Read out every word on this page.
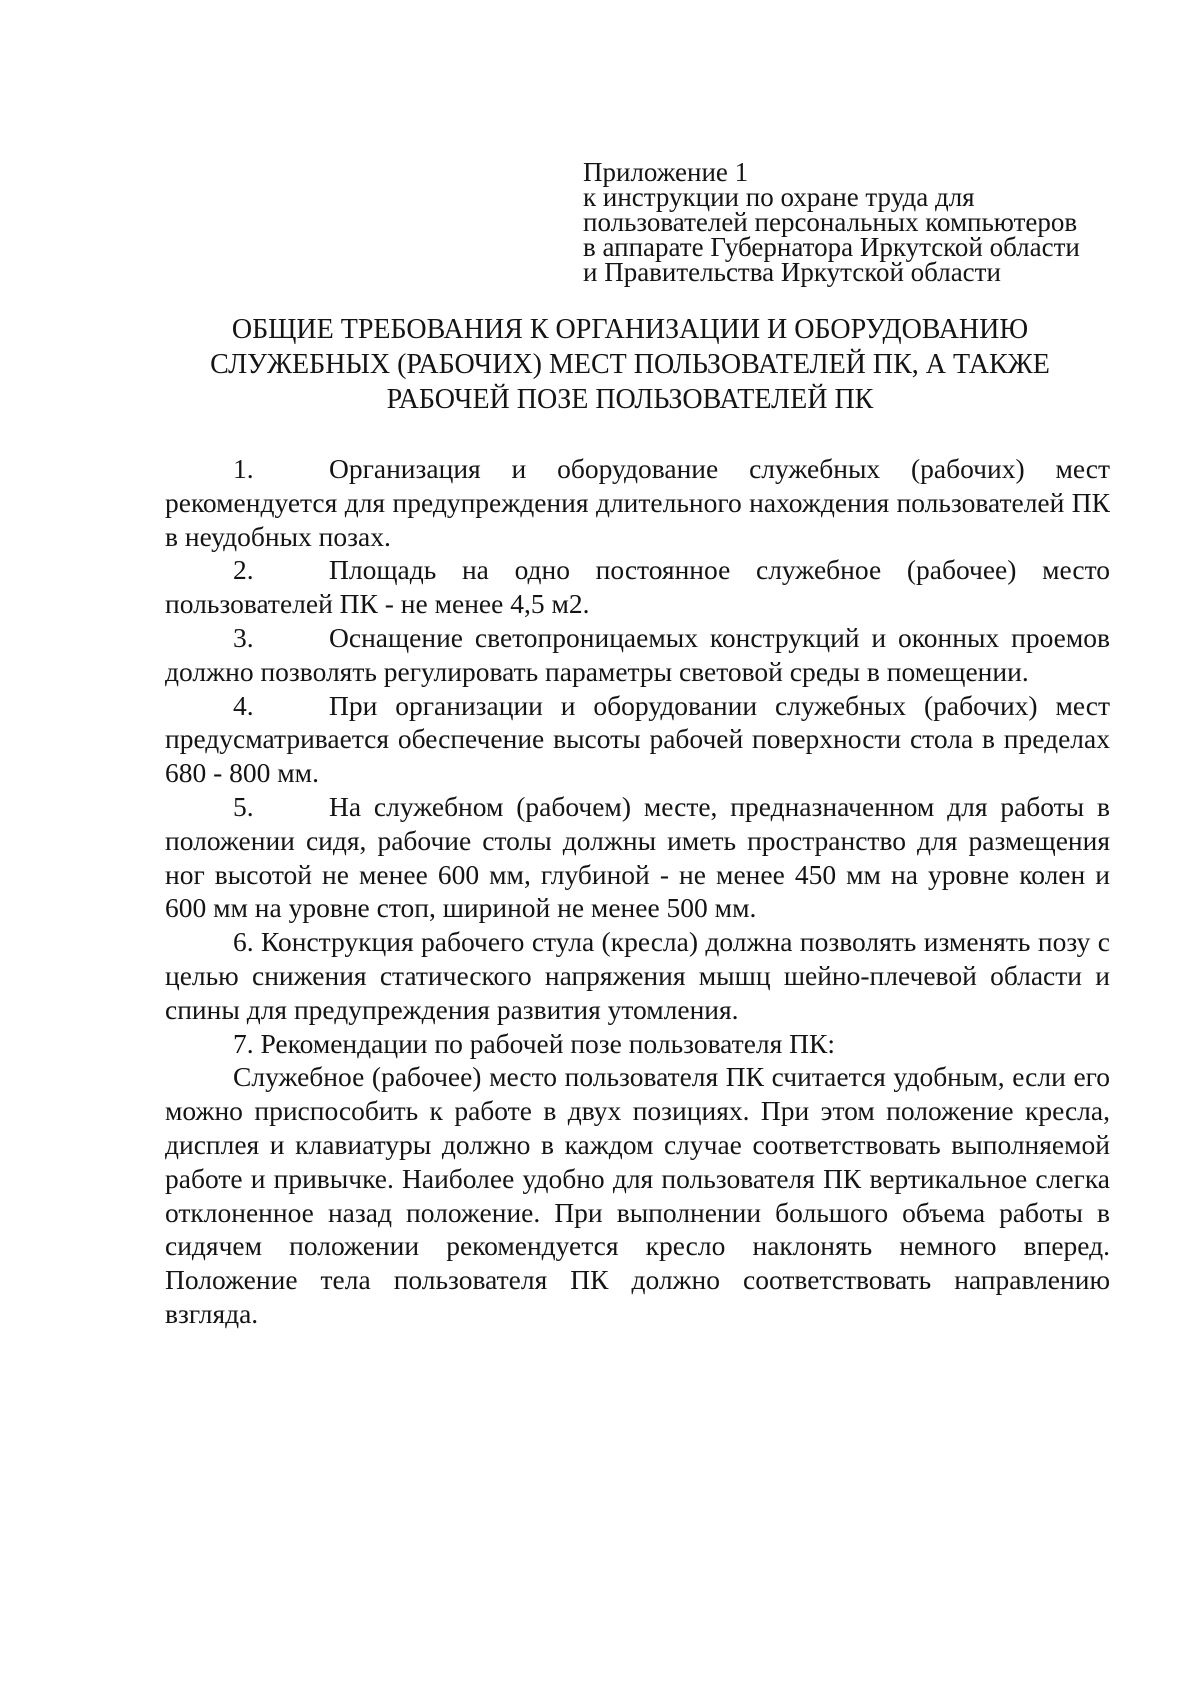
Приложение 1
к инструкции по охране труда для
пользователей персональных компьютеров
в аппарате Губернатора Иркутской области
и Правительства Иркутской области
ОБЩИЕ ТРЕБОВАНИЯ К ОРГАНИЗАЦИИ И ОБОРУДОВАНИЮ
СЛУЖЕБНЫХ (РАБОЧИХ) МЕСТ ПОЛЬЗОВАТЕЛЕЙ ПК, А ТАКЖЕ
РАБОЧЕЙ ПОЗЕ ПОЛЬЗОВАТЕЛЕЙ ПК

1.	Организация и оборудование служебных (рабочих) мест рекомендуется для предупреждения длительного нахождения пользователей ПК в неудобных позах.

2.	Площадь на одно постоянное служебное (рабочее) место пользователей ПК - не менее 4,5 м2.

3.	Оснащение светопроницаемых конструкций и оконных проемов должно позволять регулировать параметры световой среды в помещении.

4.	При организации и оборудовании служебных (рабочих) мест предусматривается обеспечение высоты рабочей поверхности стола в пределах 680 - 800 мм.

5.	На служебном (рабочем) месте, предназначенном для работы в положении сидя, рабочие столы должны иметь пространство для размещения ног высотой не менее 600 мм, глубиной - не менее 450 мм на уровне колен и 600 мм на уровне стоп, шириной не менее 500 мм.

6. Конструкция рабочего стула (кресла) должна позволять изменять позу с целью снижения статического напряжения мышц шейно-плечевой области и спины для предупреждения развития утомления.

7. Рекомендации по рабочей позе пользователя ПК:

Служебное (рабочее) место пользователя ПК считается удобным, если его можно приспособить к работе в двух позициях. При этом положение кресла, дисплея и клавиатуры должно в каждом случае соответствовать выполняемой работе и привычке. Наиболее удобно для пользователя ПК вертикальное слегка отклоненное назад положение. При выполнении большого объема работы в сидячем положении рекомендуется кресло наклонять немного вперед. Положение тела пользователя ПК должно соответствовать направлению взгляда.
